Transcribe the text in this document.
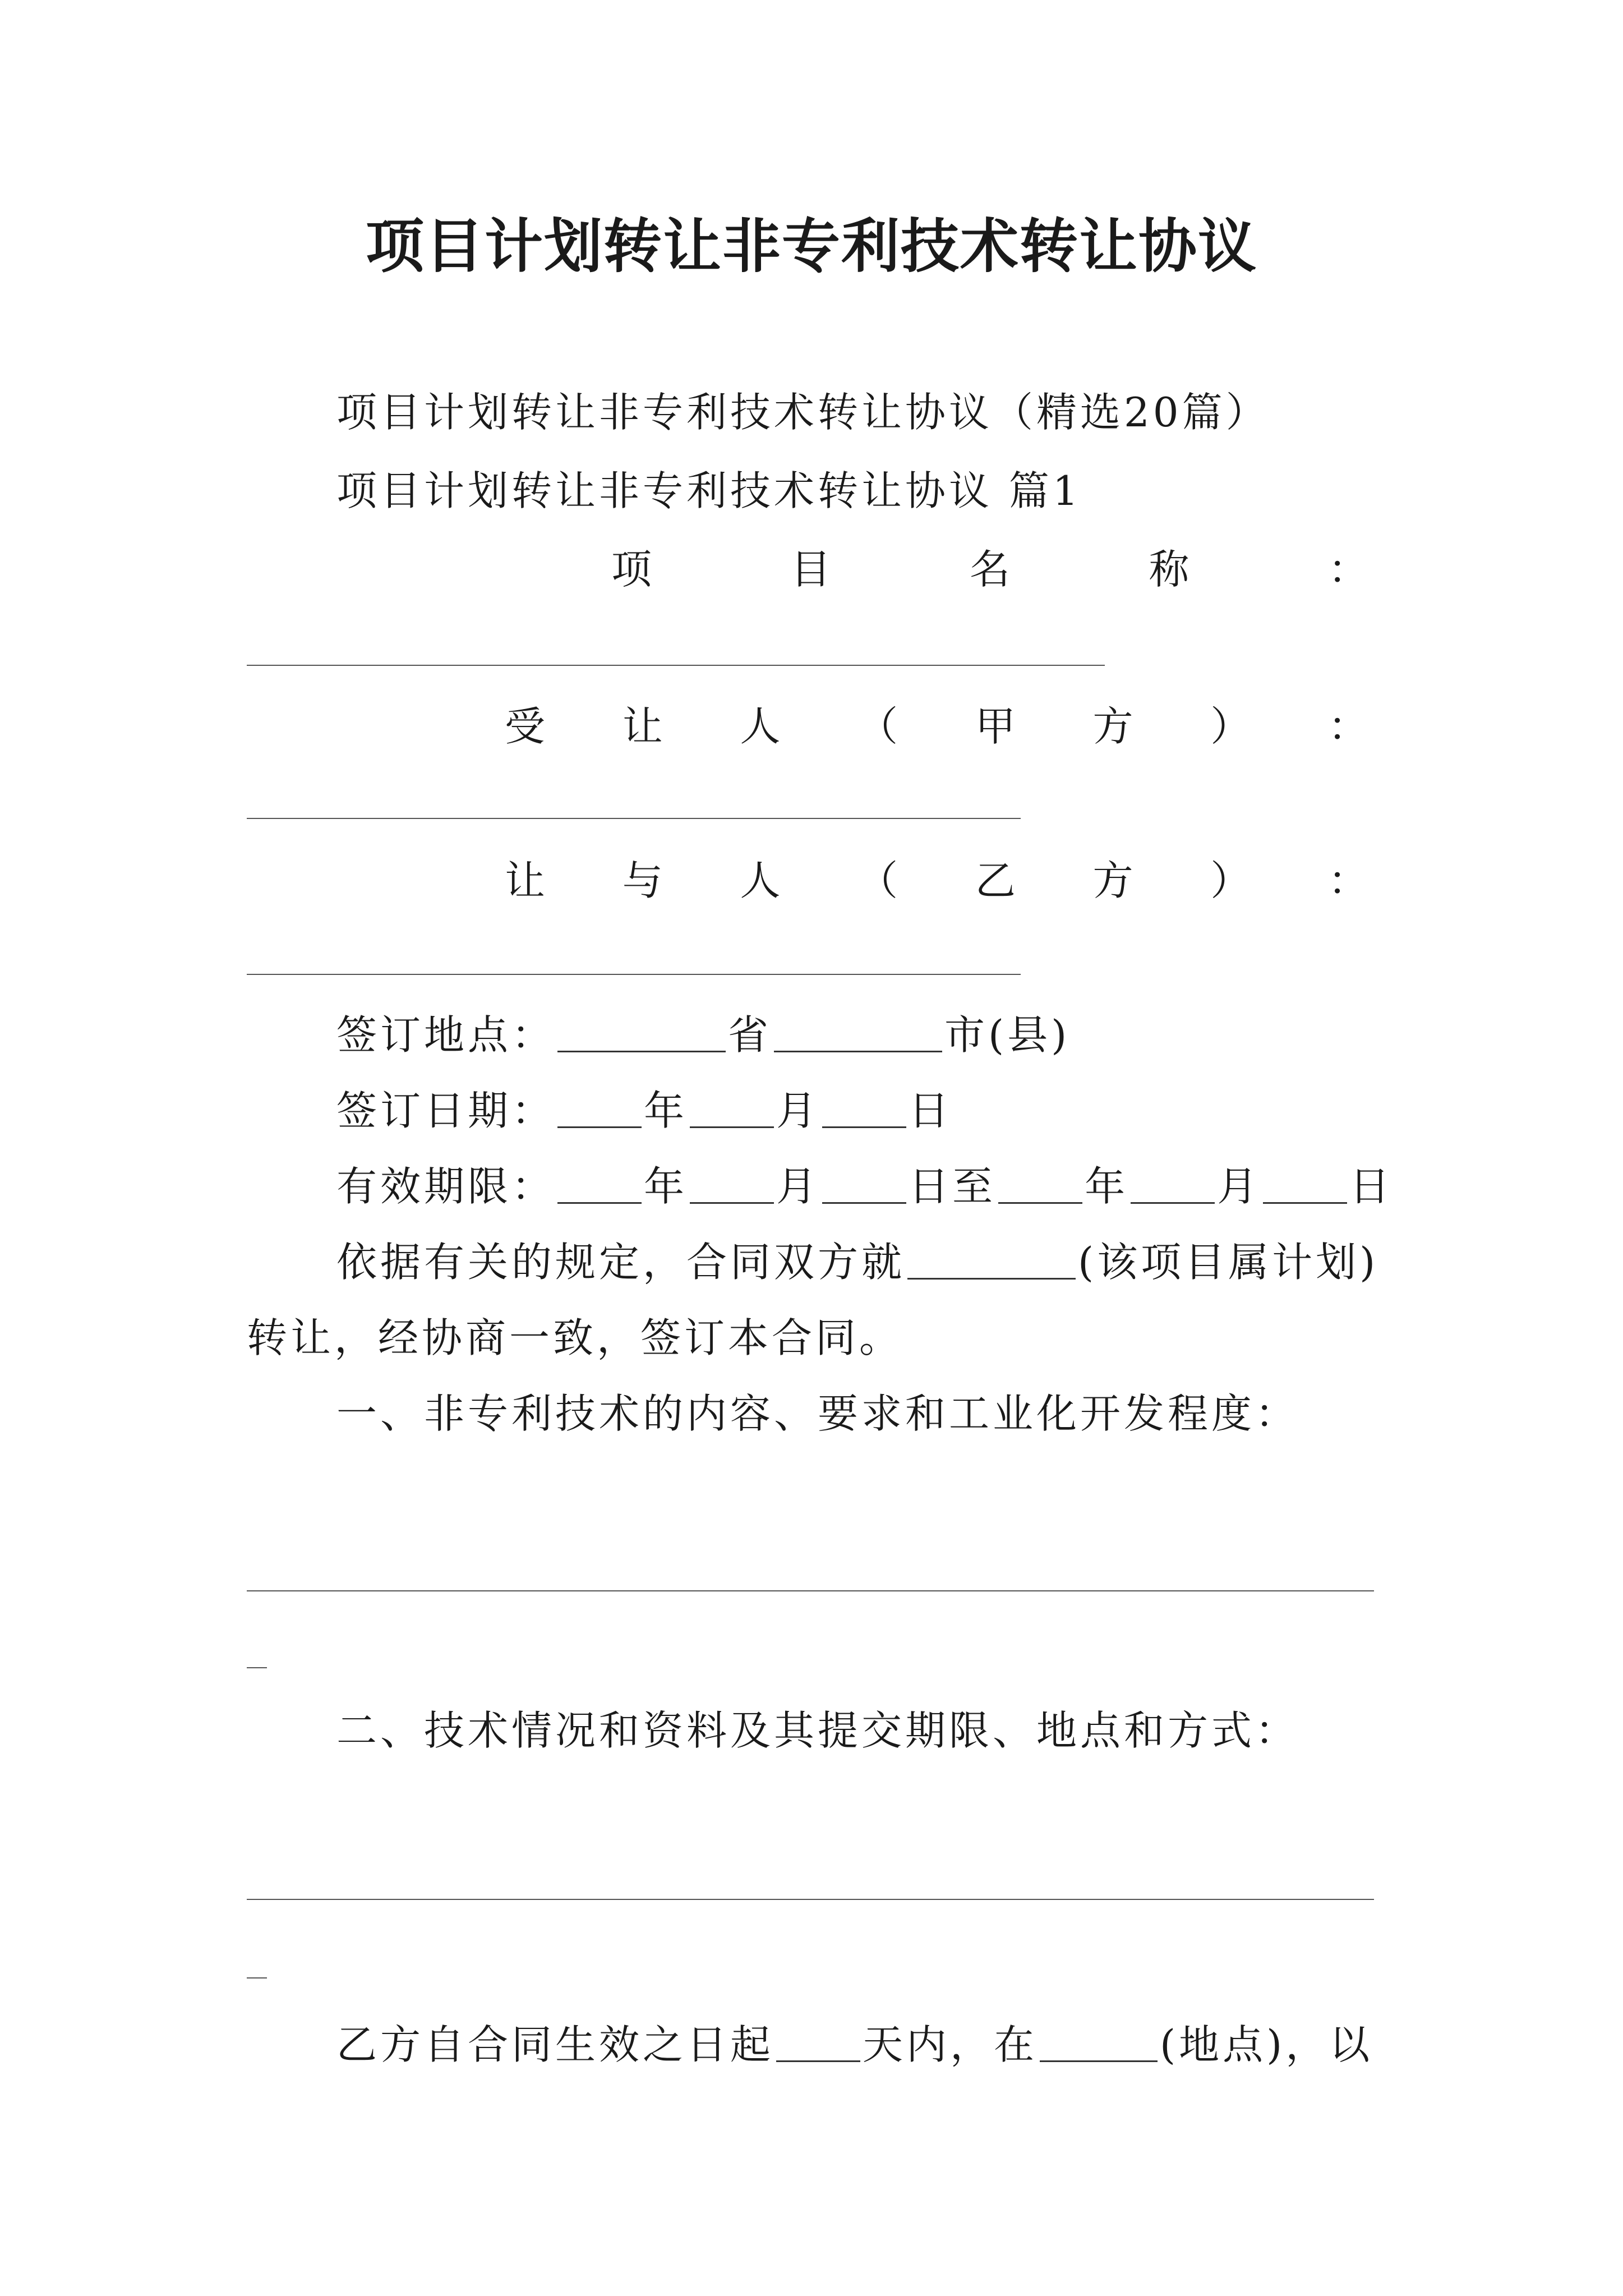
项目计划转让非专利技术转让协议
项目计划转让非专利技术转让协议（精选20篇）
项目计划转让非专利技术转让协议 篇1
项	目	名	称	：
受 让 人 （ 甲 方 ） ：
让 与 人 （ 乙 方 ） ：
签订地点：	省	市(县)
签订日期： 年 月 日
有效期限： 年 月 日至 年 月 日
依据有关的规定，合同双方就	(该项目属计划)
转让，经协商一致，签订本合同。
一、非专利技术的内容、要求和工业化开发程度：
二、技术情况和资料及其提交期限、地点和方式：
乙方自合同生效之日起 天内，在	(地点)，以
